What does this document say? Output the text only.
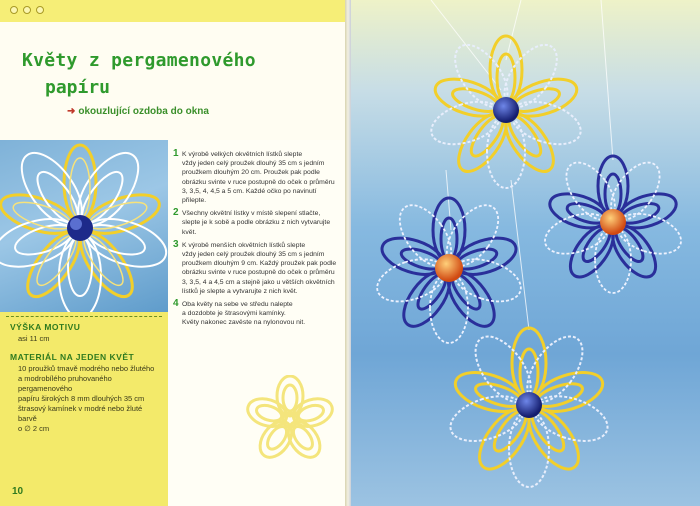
Květy z pergamenového
papíru
➜ okouzlující ozdoba do okna
VÝŠKA MOTIVU
asi 11 cm
MATERIÁL NA JEDEN KVĚT
10 proužků tmavě modrého nebo žlutého
a modrobílého pruhovaného pergamenového
papíru širokých 8 mm dlouhých 35 cm
štrasový kamínek v modré nebo žluté barvě
o ∅ 2 cm
10
1 K výrobě velkých okvětních lístků slepte
vždy jeden celý proužek dlouhý 35 cm s jedním
proužkem dlouhým 20 cm. Proužek pak podle
obrázku svinte v ruce postupně do oček o průměru
3, 3,5, 4, 4,5 a 5 cm. Každé očko po navinutí
přilepte.
2 Všechny okvětní lístky v místě slepení stlačte,
slepte je k sobě a podle obrázku z nich vytvarujte
květ.
3 K výrobě menších okvětních lístků slepte
vždy jeden celý proužek dlouhý 35 cm s jedním
proužkem dlouhým 9 cm. Každý proužek pak podle
obrázku svinte v ruce postupně do oček o průměru
3, 3,5, 4 a 4,5 cm a stejně jako u větších okvětních
lístků je slepte a vytvarujte z nich květ.
4 Oba květy na sebe ve středu nalepte
a dozdobte je štrasovými kamínky.
Květy nakonec zavěste na nylonovou nit.
